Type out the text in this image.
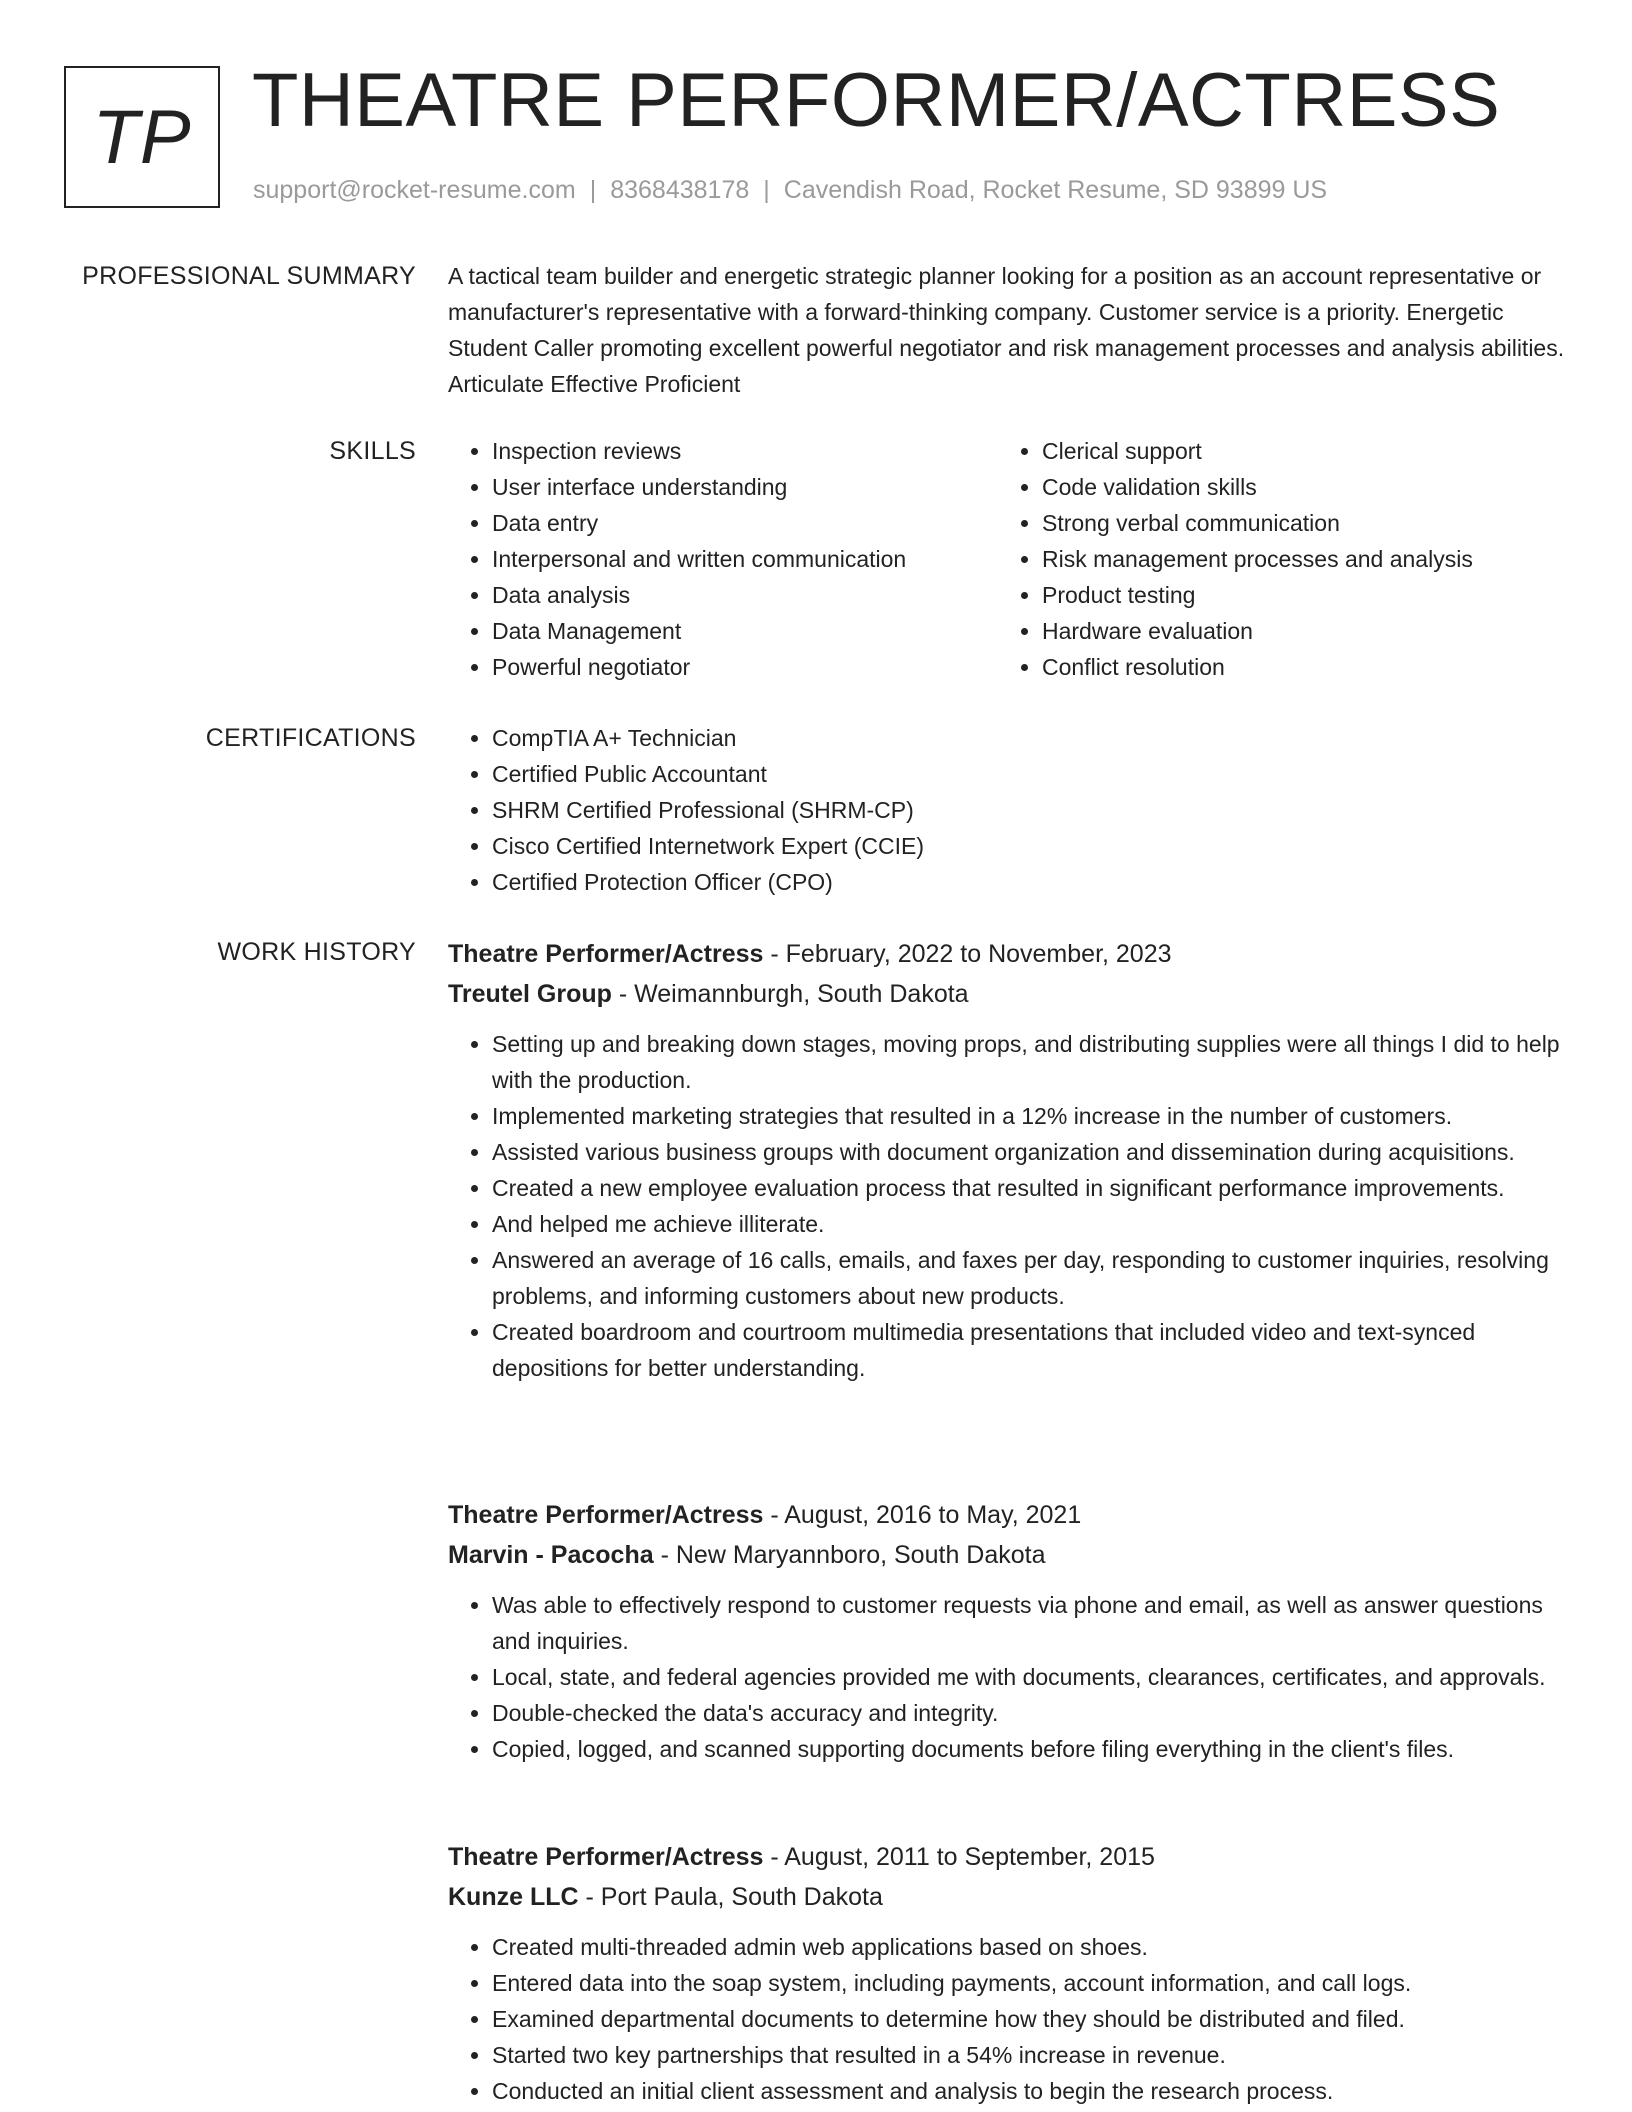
TP THEATRE PERFORMER/ACTRESS
support@rocket-resume.com | 8368438178 | Cavendish Road, Rocket Resume, SD 93899 US
PROFESSIONAL SUMMARY A tactical team builder and energetic strategic planner looking for a position as an account representative or manufacturer's representative with a forward-thinking company. Customer service is a priority. Energetic Student Caller promoting excellent powerful negotiator and risk management processes and analysis abilities. Articulate Effective Proficient

SKILLS	• Inspection reviews
• User interface understanding
• Data entry
• Interpersonal and written communication
• Data analysis
• Data Management
• Powerful negotiator
• Clerical support
• Code validation skills
• Strong verbal communication
• Risk management processes and analysis
• Product testing
• Hardware evaluation
• Conflict resolution
CERTIFICATIONS	• CompTIA A+ Technician
• Certified Public Accountant
• SHRM Certified Professional (SHRM-CP)
• Cisco Certified Internetwork Expert (CCIE)
• Certified Protection Officer (CPO)
WORK HISTORY Theatre Performer/Actress - February, 2022 to November, 2023
Treutel Group - Weimannburgh, South Dakota
• Setting up and breaking down stages, moving props, and distributing supplies were all things I did to help with the production.
• Implemented marketing strategies that resulted in a 12% increase in the number of customers.
• Assisted various business groups with document organization and dissemination during acquisitions.
• Created a new employee evaluation process that resulted in significant performance improvements.
• And helped me achieve illiterate.
• Answered an average of 16 calls, emails, and faxes per day, responding to customer inquiries, resolving problems, and informing customers about new products.
• Created boardroom and courtroom multimedia presentations that included video and text-synced depositions for better understanding.
Theatre Performer/Actress - August, 2016 to May, 2021
Marvin - Pacocha - New Maryannboro, South Dakota
• Was able to effectively respond to customer requests via phone and email, as well as answer questions and inquiries.
• Local, state, and federal agencies provided me with documents, clearances, certificates, and approvals.
• Double-checked the data's accuracy and integrity.
• Copied, logged, and scanned supporting documents before filing everything in the client's files.
Theatre Performer/Actress - August, 2011 to September, 2015
Kunze LLC - Port Paula, South Dakota
• Created multi-threaded admin web applications based on shoes.
• Entered data into the soap system, including payments, account information, and call logs.
• Examined departmental documents to determine how they should be distributed and filed.
• Started two key partnerships that resulted in a 54% increase in revenue.
• Conducted an initial client assessment and analysis to begin the research process.
